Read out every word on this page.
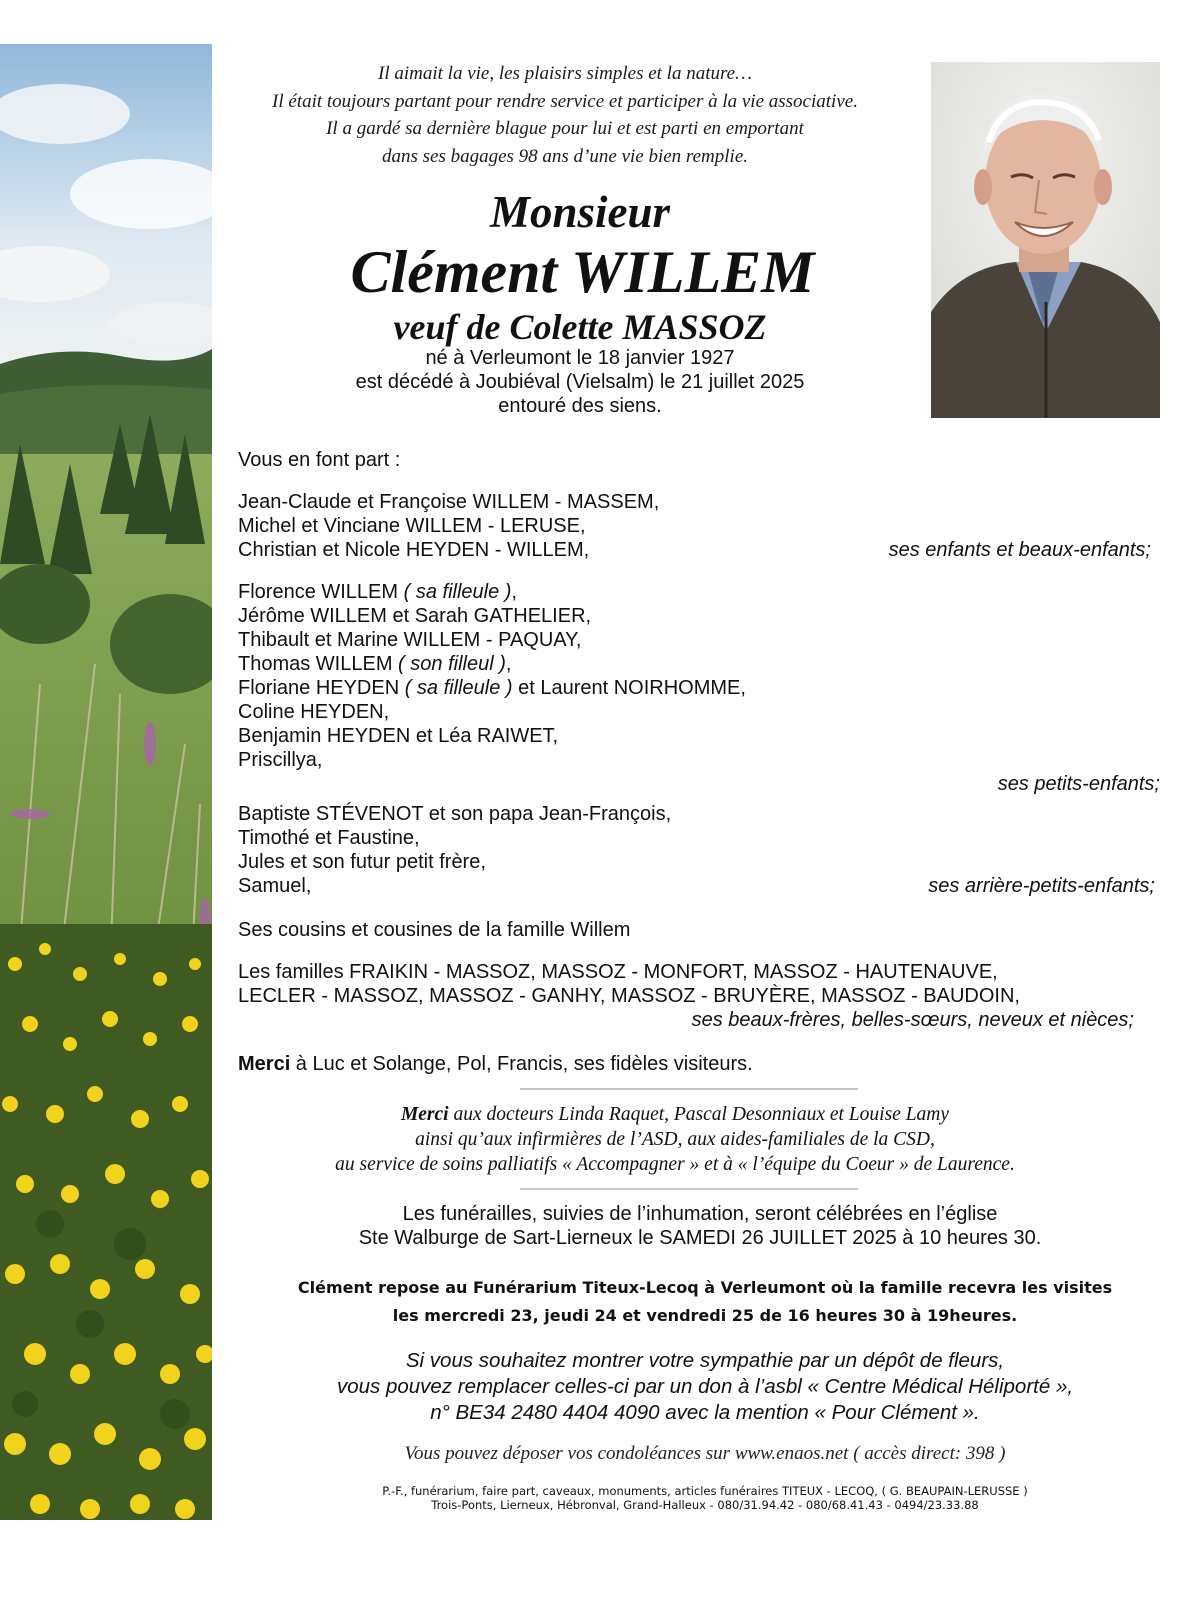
Il aimait la vie, les plaisirs simples et la nature…
Il était toujours partant pour rendre service et participer à la vie associative.
Il a gardé sa dernière blague pour lui et est parti en emportant
dans ses bagages 98 ans d’une vie bien remplie.
Monsieur
Clément WILLEM
veuf de Colette MASSOZ
né à Verleumont le 18 janvier 1927
est décédé à Joubiéval (Vielsalm) le 21 juillet 2025
entouré des siens.
Vous en font part :
Jean-Claude et Françoise WILLEM - MASSEM,
Michel et Vinciane WILLEM - LERUSE,
Christian et Nicole HEYDEN - WILLEM,	ses enfants et beaux-enfants;
Florence WILLEM ( sa filleule ),
Jérôme WILLEM et Sarah GATHELIER,
Thibault et Marine WILLEM - PAQUAY,
Thomas WILLEM ( son filleul ),
Floriane HEYDEN ( sa filleule ) et Laurent NOIRHOMME,
Coline HEYDEN,
Benjamin HEYDEN et Léa RAIWET,
Priscillya,
ses petits-enfants;
Baptiste STÉVENOT et son papa Jean-François,
Timothé et Faustine,
Jules et son futur petit frère,
Samuel,	ses arrière-petits-enfants;
Ses cousins et cousines de la famille Willem
Les familles FRAIKIN - MASSOZ, MASSOZ - MONFORT, MASSOZ - HAUTENAUVE,
LECLER - MASSOZ, MASSOZ - GANHY, MASSOZ - BRUYÈRE, MASSOZ - BAUDOIN,
ses beaux-frères, belles-sœurs, neveux et nièces;
Merci à Luc et Solange, Pol, Francis, ses fidèles visiteurs.
Merci aux docteurs Linda Raquet, Pascal Desonniaux et Louise Lamy
ainsi qu’aux infirmières de l’ASD, aux aides-familiales de la CSD,
au service de soins palliatifs « Accompagner » et à « l’équipe du Coeur » de Laurence.
Les funérailles, suivies de l’inhumation, seront célébrées en l’église
Ste Walburge de Sart-Lierneux le SAMEDI 26 JUILLET 2025 à 10 heures 30.
Clément repose au Funérarium Titeux-Lecoq à Verleumont où la famille recevra les visites
les mercredi 23, jeudi 24 et vendredi 25 de 16 heures 30 à 19heures.
Si vous souhaitez montrer votre sympathie par un dépôt de fleurs,
vous pouvez remplacer celles-ci par un don à l’asbl « Centre Médical Héliporté »,
n° BE34 2480 4404 4090 avec la mention « Pour Clément ».
Vous pouvez déposer vos condoléances sur www.enaos.net ( accès direct: 398 )
P.-F., funérarium, faire part, caveaux, monuments, articles funéraires TITEUX - LECOQ, ( G. BEAUPAIN-LERUSSE )
Trois-Ponts, Lierneux, Hébronval, Grand-Halleux - 080/31.94.42 - 080/68.41.43 - 0494/23.33.88
